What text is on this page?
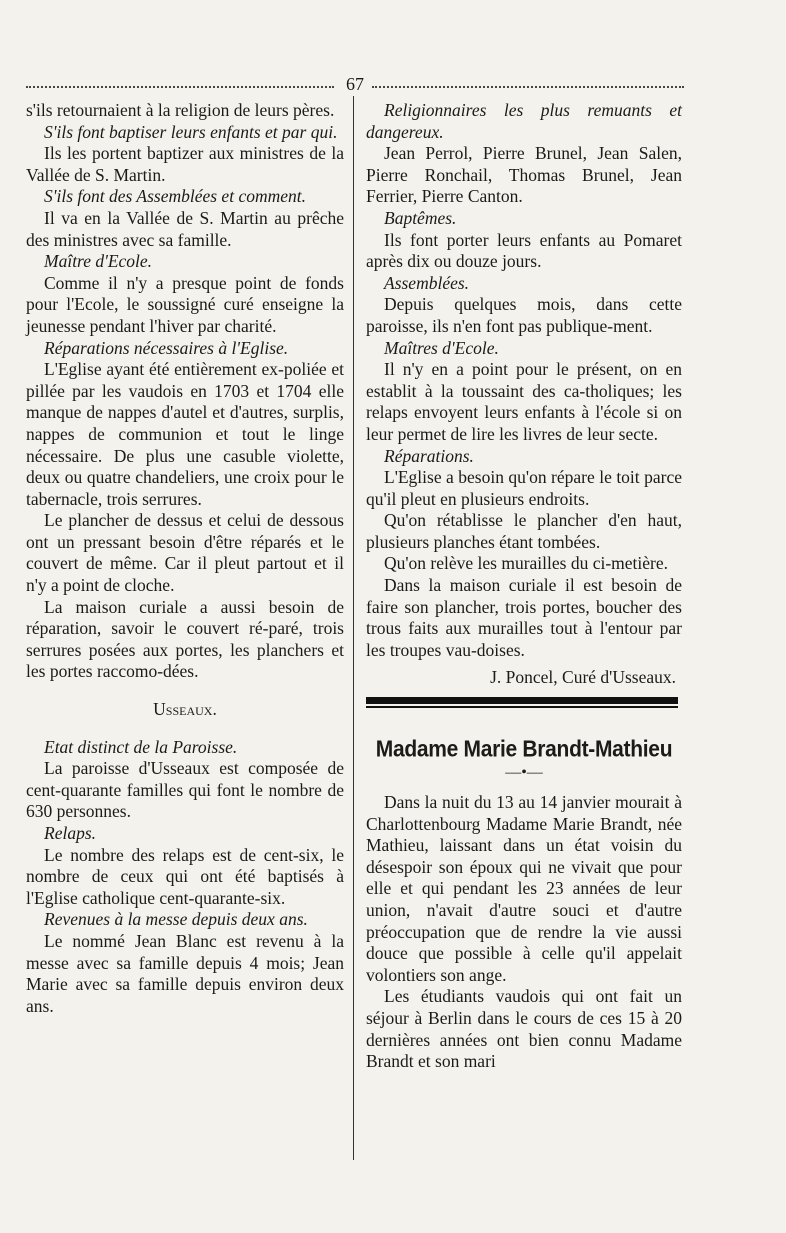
67

s'ils retournaient à la religion de leurs pères.

S'ils font baptiser leurs enfants et par qui.

Ils les portent baptizer aux ministres de la Vallée de S. Martin.

S'ils font des Assemblées et comment.

Il va en la Vallée de S. Martin au prêche des ministres avec sa famille.

Maître d'Ecole.

Comme il n'y a presque point de fonds pour l'Ecole, le soussigné curé enseigne la jeunesse pendant l'hiver par charité.

Réparations nécessaires à l'Eglise.

L'Eglise ayant été entièrement ex-poliée et pillée par les vaudois en 1703 et 1704 elle manque de nappes d'autel et d'autres, surplis, nappes de communion et tout le linge nécessaire. De plus une casuble violette, deux ou quatre chandeliers, une croix pour le tabernacle, trois serrures.

Le plancher de dessus et celui de dessous ont un pressant besoin d'être réparés et le couvert de même. Car il pleut partout et il n'y a point de cloche.

La maison curiale a aussi besoin de réparation, savoir le couvert ré-paré, trois serrures posées aux portes, les planchers et les portes raccomo-dées.

Usseaux.

Etat distinct de la Paroisse.

La paroisse d'Usseaux est composée de cent-quarante familles qui font le nombre de 630 personnes.

Relaps.

Le nombre des relaps est de cent-six, le nombre de ceux qui ont été baptisés à l'Eglise catholique cent-quarante-six.

Revenues à la messe depuis deux ans.

Le nommé Jean Blanc est revenu à la messe avec sa famille depuis 4 mois; Jean Marie avec sa famille depuis environ deux ans.

Religionnaires les plus remuants et dangereux.

Jean Perrol, Pierre Brunel, Jean Salen, Pierre Ronchail, Thomas Brunel, Jean Ferrier, Pierre Canton.

Baptêmes.

Ils font porter leurs enfants au Pomaret après dix ou douze jours.

Assemblées.

Depuis quelques mois, dans cette paroisse, ils n'en font pas publique-ment.

Maîtres d'Ecole.

Il n'y en a point pour le présent, on en establit à la toussaint des ca-tholiques; les relaps envoyent leurs enfants à l'école si on leur permet de lire les livres de leur secte.

Réparations.

L'Eglise a besoin qu'on répare le toit parce qu'il pleut en plusieurs endroits.

Qu'on rétablisse le plancher d'en haut, plusieurs planches étant tombées.

Qu'on relève les murailles du ci-metière.

Dans la maison curiale il est besoin de faire son plancher, trois portes, boucher des trous faits aux murailles tout à l'entour par les troupes vau-doises.

J. Poncel, Curé d'Usseaux.

Madame Marie Brandt-Mathieu
—•—

Dans la nuit du 13 au 14 janvier mourait à Charlottenbourg Madame Marie Brandt, née Mathieu, laissant dans un état voisin du désespoir son époux qui ne vivait que pour elle et qui pendant les 23 années de leur union, n'avait d'autre souci et d'autre préoccupation que de rendre la vie aussi douce que possible à celle qu'il appelait volontiers son ange.

Les étudiants vaudois qui ont fait un séjour à Berlin dans le cours de ces 15 à 20 dernières années ont bien connu Madame Brandt et son mari
